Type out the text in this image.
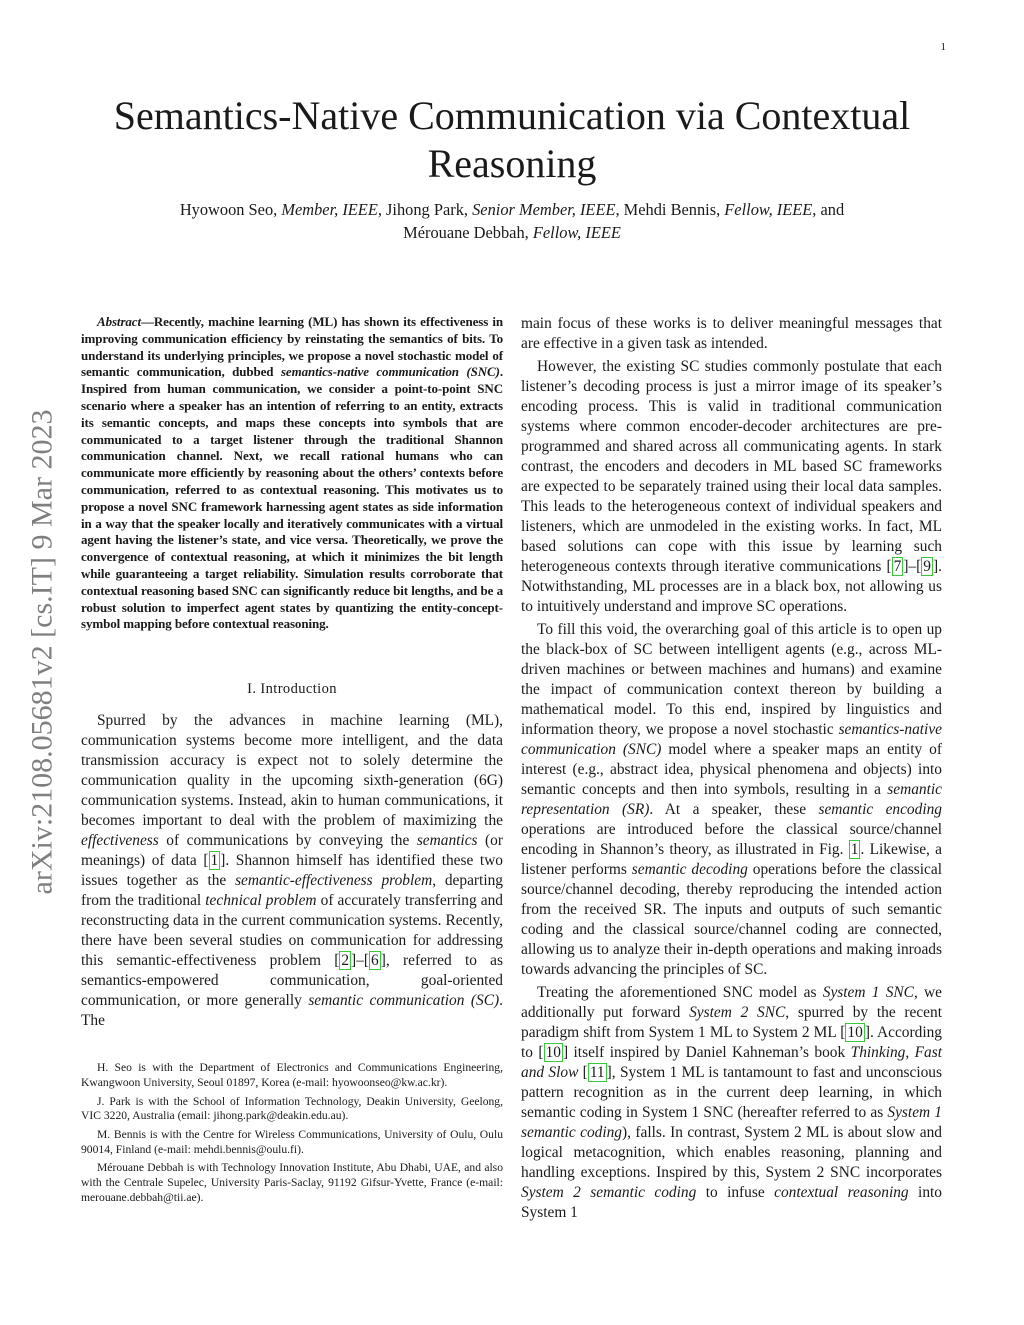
1
arXiv:2108.05681v2 [cs.IT] 9 Mar 2023
Semantics-Native Communication via Contextual Reasoning
Hyowoon Seo, Member, IEEE, Jihong Park, Senior Member, IEEE, Mehdi Bennis, Fellow, IEEE, and
Mérouane Debbah, Fellow, IEEE

Abstract—Recently, machine learning (ML) has shown its effectiveness in improving communication efficiency by reinstating the semantics of bits. To understand its underlying principles, we propose a novel stochastic model of semantic communication, dubbed semantics-native communication (SNC). Inspired from human communication, we consider a point-to-point SNC scenario where a speaker has an intention of referring to an entity, extracts its semantic concepts, and maps these concepts into symbols that are communicated to a target listener through the traditional Shannon communication channel. Next, we recall rational humans who can communicate more efficiently by reasoning about the others’ contexts before communication, referred to as contextual reasoning. This motivates us to propose a novel SNC framework harnessing agent states as side information in a way that the speaker locally and iteratively communicates with a virtual agent having the listener’s state, and vice versa. Theoretically, we prove the convergence of contextual reasoning, at which it minimizes the bit length while guaranteeing a target reliability. Simulation results corroborate that contextual reasoning based SNC can significantly reduce bit lengths, and be a robust solution to imperfect agent states by quantizing the entity-concept-symbol mapping before contextual reasoning.

I. Introduction

Spurred by the advances in machine learning (ML), communication systems become more intelligent, and the data transmission accuracy is expect not to solely determine the communication quality in the upcoming sixth-generation (6G) communication systems. Instead, akin to human communications, it becomes important to deal with the problem of maximizing the effectiveness of communications by conveying the semantics (or meanings) of data [ 1 ]. Shannon himself has identified these two issues together as the semantic-effectiveness problem, departing from the traditional technical problem of accurately transferring and reconstructing data in the current communication systems. Recently, there have been several studies on communication for addressing this semantic-effectiveness problem [ 2 ]–[ 6 ], referred to as semantics-empowered communication, goal-oriented communication, or more generally semantic communication (SC). The

H. Seo is with the Department of Electronics and Communications Engineering, Kwangwoon University, Seoul 01897, Korea (e-mail: hyowoonseo@kw.ac.kr).

J. Park is with the School of Information Technology, Deakin University, Geelong, VIC 3220, Australia (email: jihong.park@deakin.edu.au).

M. Bennis is with the Centre for Wireless Communications, University of Oulu, Oulu 90014, Finland (e-mail: mehdi.bennis@oulu.fi).

Mérouane Debbah is with Technology Innovation Institute, Abu Dhabi, UAE, and also with the Centrale Supelec, University Paris-Saclay, 91192 Gifsur-Yvette, France (e-mail: merouane.debbah@tii.ae).

main focus of these works is to deliver meaningful messages that are effective in a given task as intended.

However, the existing SC studies commonly postulate that each listener’s decoding process is just a mirror image of its speaker’s encoding process. This is valid in traditional communication systems where common encoder-decoder architectures are pre-programmed and shared across all communicating agents. In stark contrast, the encoders and decoders in ML based SC frameworks are expected to be separately trained using their local data samples. This leads to the heterogeneous context of individual speakers and listeners, which are unmodeled in the existing works. In fact, ML based solutions can cope with this issue by learning such heterogeneous contexts through iterative communications [ 7 ]–[ 9 ]. Notwithstanding, ML processes are in a black box, not allowing us to intuitively understand and improve SC operations.

To fill this void, the overarching goal of this article is to open up the black-box of SC between intelligent agents (e.g., across ML-driven machines or between machines and humans) and examine the impact of communication context thereon by building a mathematical model. To this end, inspired by linguistics and information theory, we propose a novel stochastic semantics-native communication (SNC) model where a speaker maps an entity of interest (e.g., abstract idea, physical phenomena and objects) into semantic concepts and then into symbols, resulting in a semantic representation (SR). At a speaker, these semantic encoding operations are introduced before the classical source/channel encoding in Shannon’s theory, as illustrated in Fig. 1 . Likewise, a listener performs semantic decoding operations before the classical source/channel decoding, thereby reproducing the intended action from the received SR. The inputs and outputs of such semantic coding and the classical source/channel coding are connected, allowing us to analyze their in-depth operations and making inroads towards advancing the principles of SC.

Treating the aforementioned SNC model as System 1 SNC, we additionally put forward System 2 SNC, spurred by the recent paradigm shift from System 1 ML to System 2 ML [ 10 ]. According to [ 10 ] itself inspired by Daniel Kahneman’s book Thinking, Fast and Slow [ 11 ], System 1 ML is tantamount to fast and unconscious pattern recognition as in the current deep learning, in which semantic coding in System 1 SNC (hereafter referred to as System 1 semantic coding), falls. In contrast, System 2 ML is about slow and logical metacognition, which enables reasoning, planning and handling exceptions. Inspired by this, System 2 SNC incorporates System 2 semantic coding to infuse contextual reasoning into System 1
